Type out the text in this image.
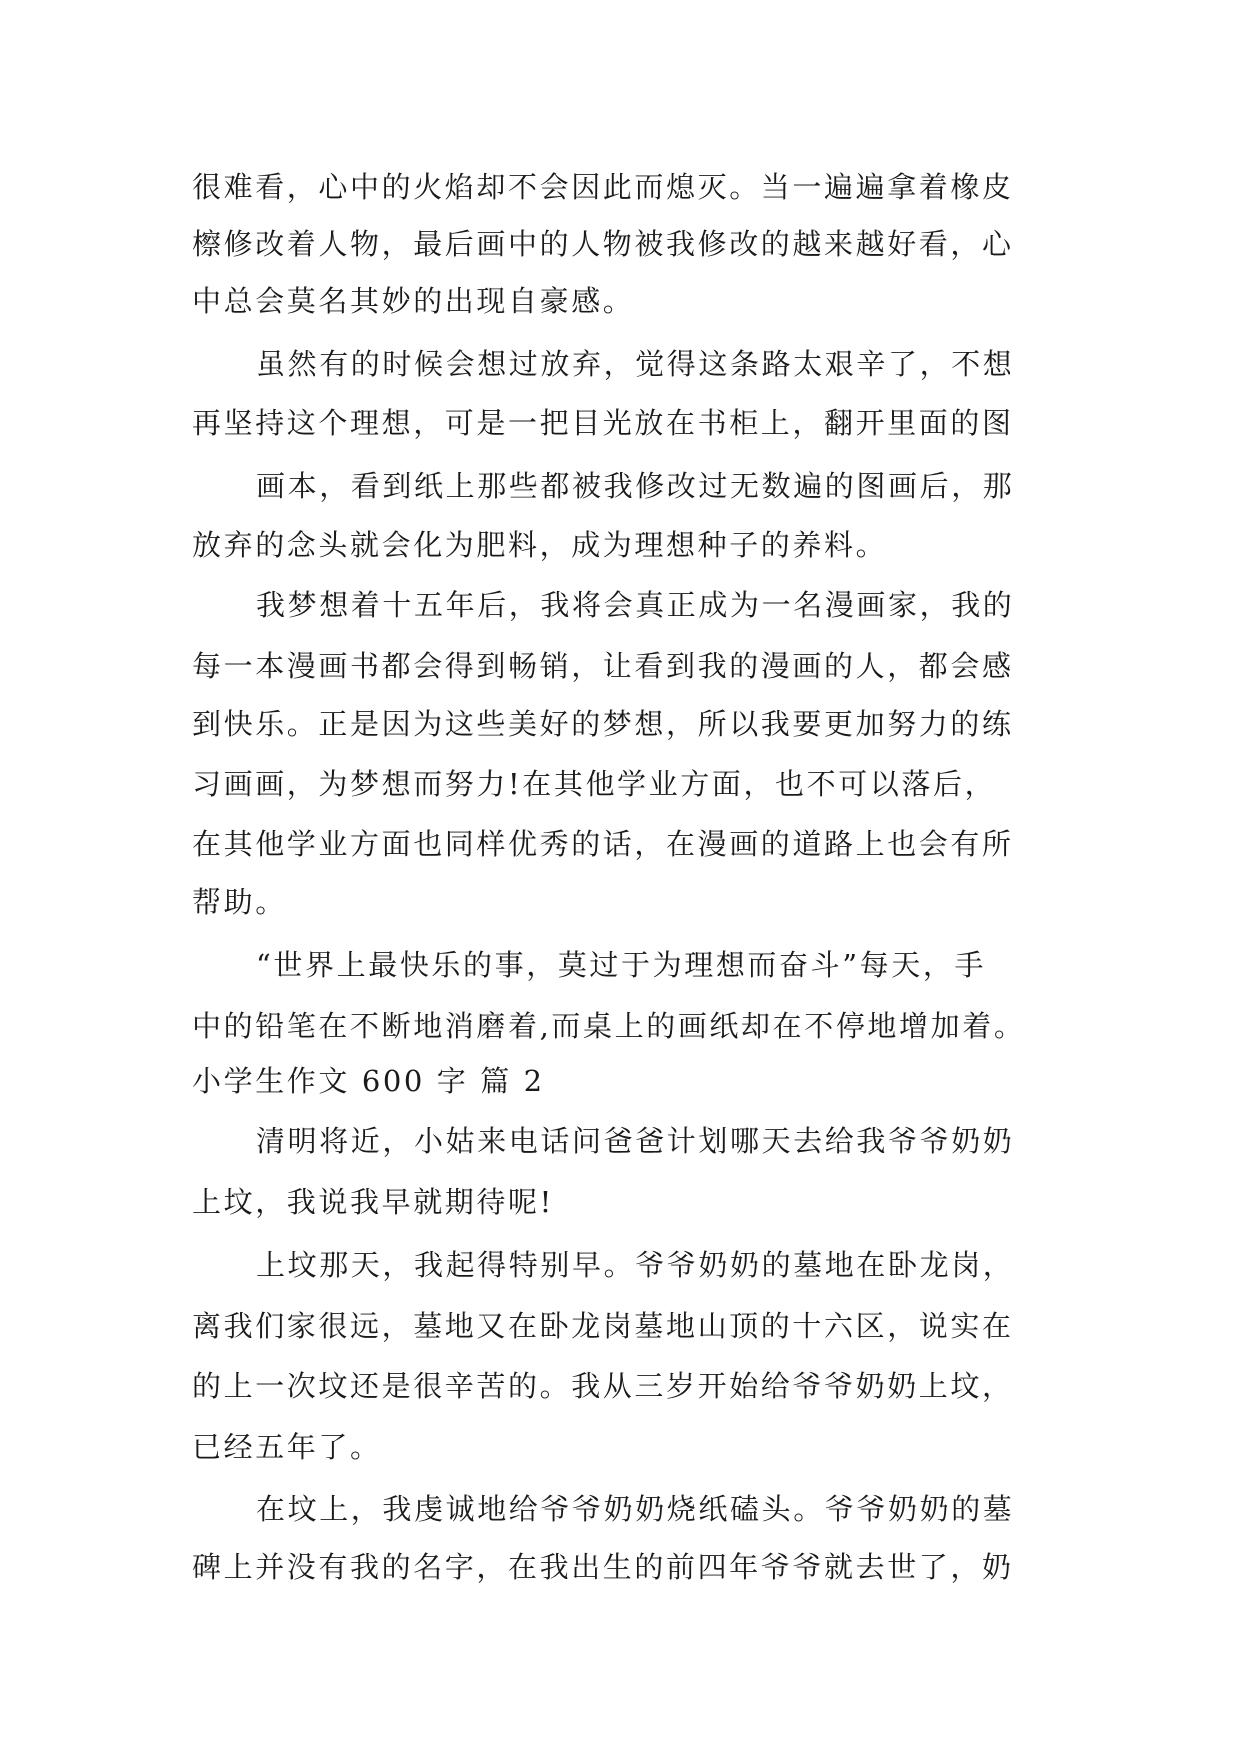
很难看，心中的火焰却不会因此而熄灭。当一遍遍拿着橡皮
檫修改着人物，最后画中的人物被我修改的越来越好看，心
中总会莫名其妙的出现自豪感。
虽然有的时候会想过放弃，觉得这条路太艰辛了，不想
再坚持这个理想，可是一把目光放在书柜上，翻开里面的图
画本，看到纸上那些都被我修改过无数遍的图画后，那
放弃的念头就会化为肥料，成为理想种子的养料。
我梦想着十五年后，我将会真正成为一名漫画家，我的
每一本漫画书都会得到畅销，让看到我的漫画的人，都会感
到快乐。正是因为这些美好的梦想，所以我要更加努力的练
习画画，为梦想而努力!在其他学业方面，也不可以落后，
在其他学业方面也同样优秀的话，在漫画的道路上也会有所
帮助。
“世界上最快乐的事，莫过于为理想而奋斗”每天，手
中的铅笔在不断地消磨着,而桌上的画纸却在不停地增加着。
小学生作文 600 字 篇 2
清明将近，小姑来电话问爸爸计划哪天去给我爷爷奶奶
上坟，我说我早就期待呢!
上坟那天，我起得特别早。爷爷奶奶的墓地在卧龙岗，
离我们家很远，墓地又在卧龙岗墓地山顶的十六区，说实在
的上一次坟还是很辛苦的。我从三岁开始给爷爷奶奶上坟，
已经五年了。
在坟上，我虔诚地给爷爷奶奶烧纸磕头。爷爷奶奶的墓
碑上并没有我的名字，在我出生的前四年爷爷就去世了，奶
